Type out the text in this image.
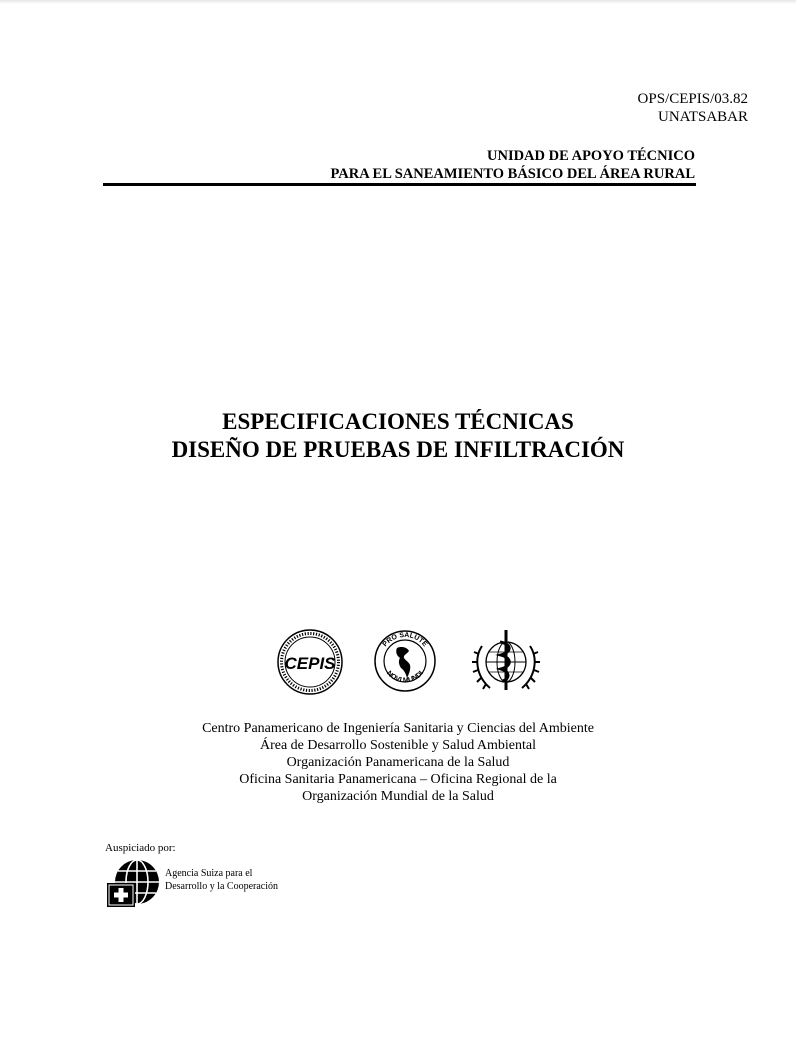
OPS/CEPIS/03.82
UNATSABAR
UNIDAD DE APOYO TÉCNICO
PARA EL SANEAMIENTO BÁSICO DEL ÁREA RURAL
ESPECIFICACIONES TÉCNICAS
DISEÑO DE PRUEBAS DE INFILTRACIÓN
CEPIS
PRO SALUTE
NOVI MUNDI
Centro Panamericano de Ingeniería Sanitaria y Ciencias del Ambiente
Área de Desarrollo Sostenible y Salud Ambiental
Organización Panamericana de la Salud
Oficina Sanitaria Panamericana – Oficina Regional de la
Organización Mundial de la Salud
Auspiciado por:
Agencia Suiza para el
Desarrollo y la Cooperación
